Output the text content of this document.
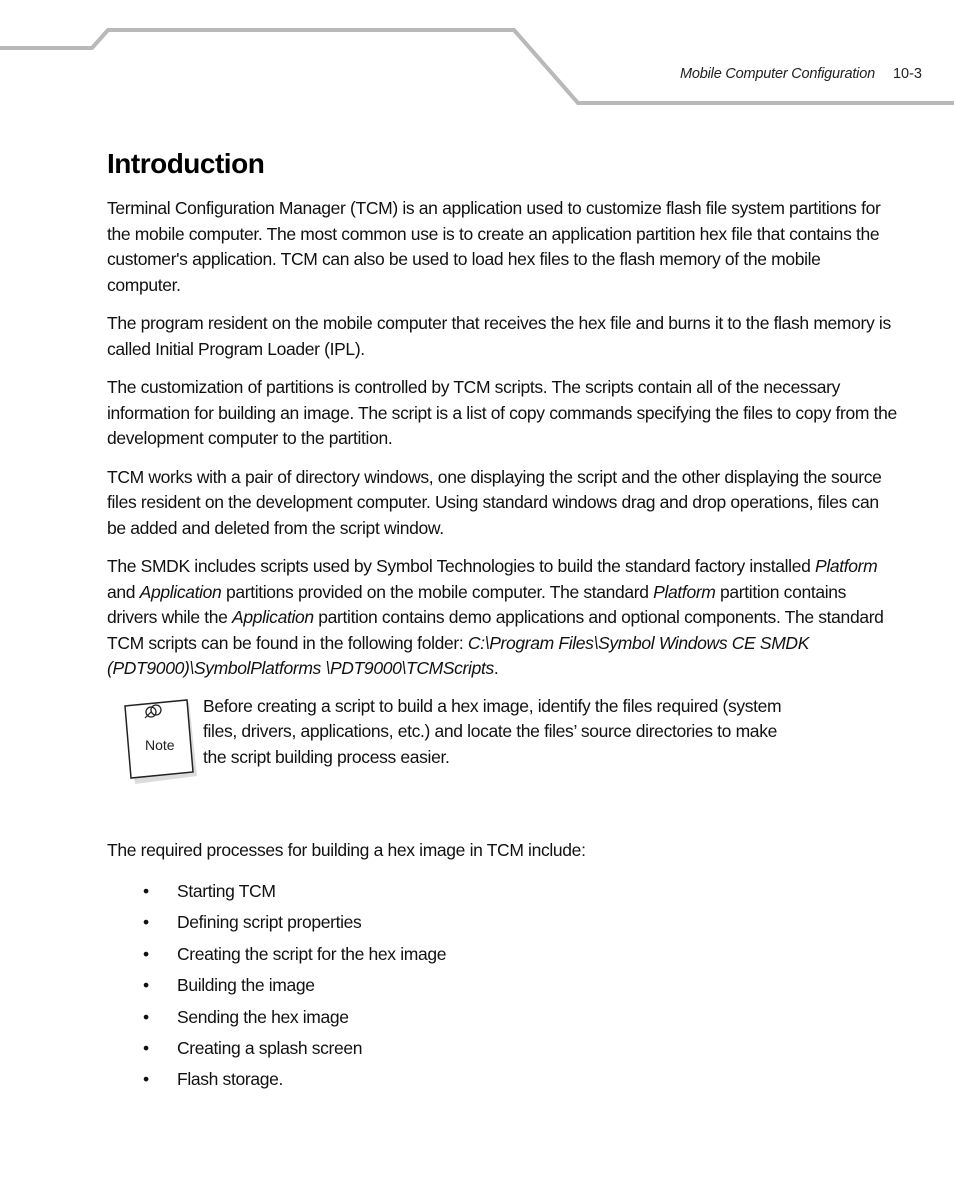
Mobile Computer Configuration 10-3
Introduction

Terminal Configuration Manager (TCM) is an application used to customize flash file system partitions for the mobile computer. The most common use is to create an application partition hex file that contains the customer's application. TCM can also be used to load hex files to the flash memory of the mobile computer.

The program resident on the mobile computer that receives the hex file and burns it to the flash memory is called Initial Program Loader (IPL).

The customization of partitions is controlled by TCM scripts. The scripts contain all of the necessary information for building an image. The script is a list of copy commands specifying the files to copy from the development computer to the partition.

TCM works with a pair of directory windows, one displaying the script and the other displaying the source files resident on the development computer. Using standard windows drag and drop operations, files can be added and deleted from the script window.

The SMDK includes scripts used by Symbol Technologies to build the standard factory installed Platform and Application partitions provided on the mobile computer. The standard Platform partition contains drivers while the Application partition contains demo applications and optional components. The standard TCM scripts can be found in the following folder: C:\Program Files\Symbol Windows CE SMDK (PDT9000)\SymbolPlatforms \PDT9000\TCMScripts.

Note

Before creating a script to build a hex image, identify the files required (system files, drivers, applications, etc.) and locate the files’ source directories to make the script building process easier.

The required processes for building a hex image in TCM include:

• Starting TCM
• Defining script properties
• Creating the script for the hex image
• Building the image
• Sending the hex image
• Creating a splash screen
• Flash storage.
